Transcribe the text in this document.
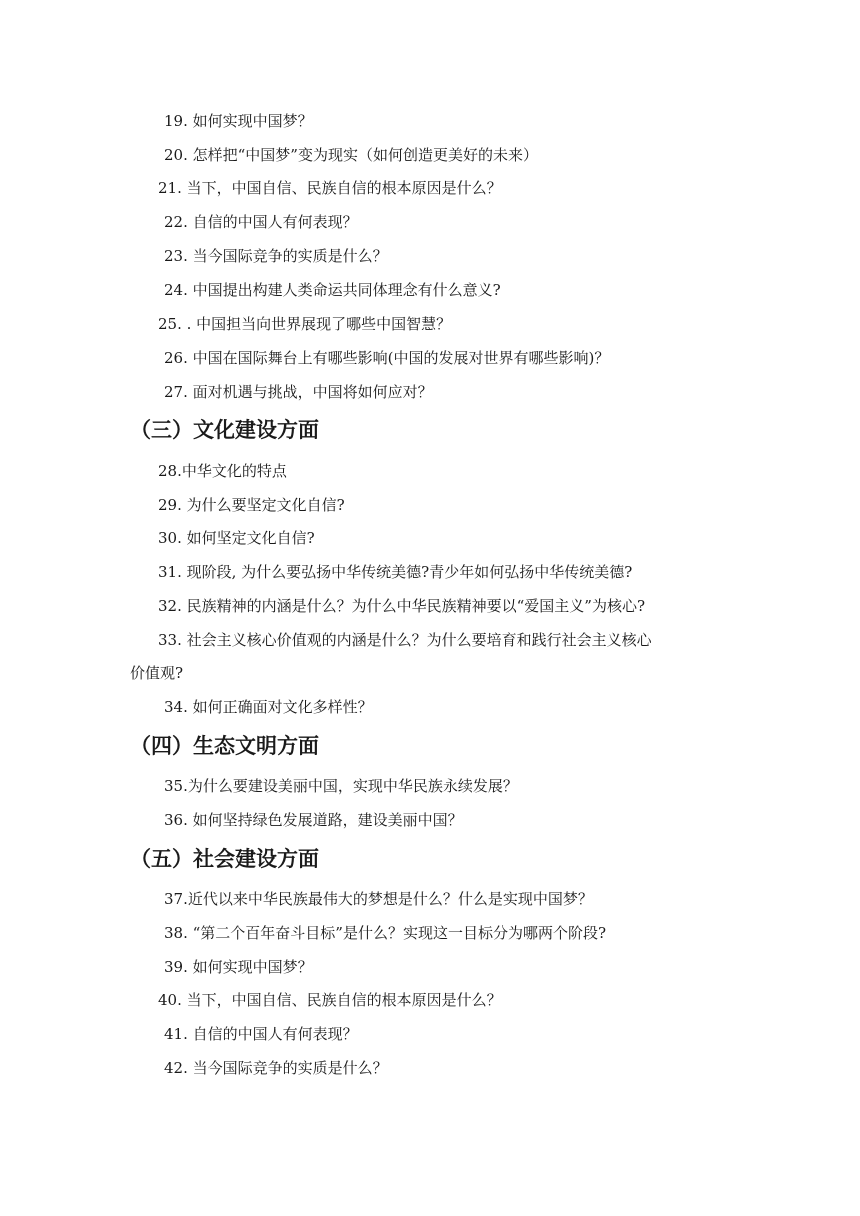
19. 如何实现中国梦？
20. 怎样把“中国梦”变为现实（如何创造更美好的未来）
21. 当下，中国自信、民族自信的根本原因是什么？
22. 自信的中国人有何表现？
23. 当今国际竞争的实质是什么？
24. 中国提出构建人类命运共同体理念有什么意义?
25. . 中国担当向世界展现了哪些中国智慧？
26. 中国在国际舞台上有哪些影响(中国的发展对世界有哪些影响)？
27. 面对机遇与挑战，中国将如何应对？
（三）文化建设方面
28.中华文化的特点
29. 为什么要坚定文化自信?
30. 如何坚定文化自信?
31. 现阶段, 为什么要弘扬中华传统美德?青少年如何弘扬中华传统美德?
32. 民族精神的内涵是什么？为什么中华民族精神要以“爱国主义”为核心?
33. 社会主义核心价值观的内涵是什么？为什么要培育和践行社会主义核心
价值观?
34. 如何正确面对文化多样性？
（四）生态文明方面
35.为什么要建设美丽中国，实现中华民族永续发展？
36. 如何坚持绿色发展道路，建设美丽中国？
（五）社会建设方面
37.近代以来中华民族最伟大的梦想是什么？什么是实现中国梦？
38. “第二个百年奋斗目标”是什么？实现这一目标分为哪两个阶段?
39. 如何实现中国梦？
40. 当下，中国自信、民族自信的根本原因是什么？
41. 自信的中国人有何表现？
42. 当今国际竞争的实质是什么？
